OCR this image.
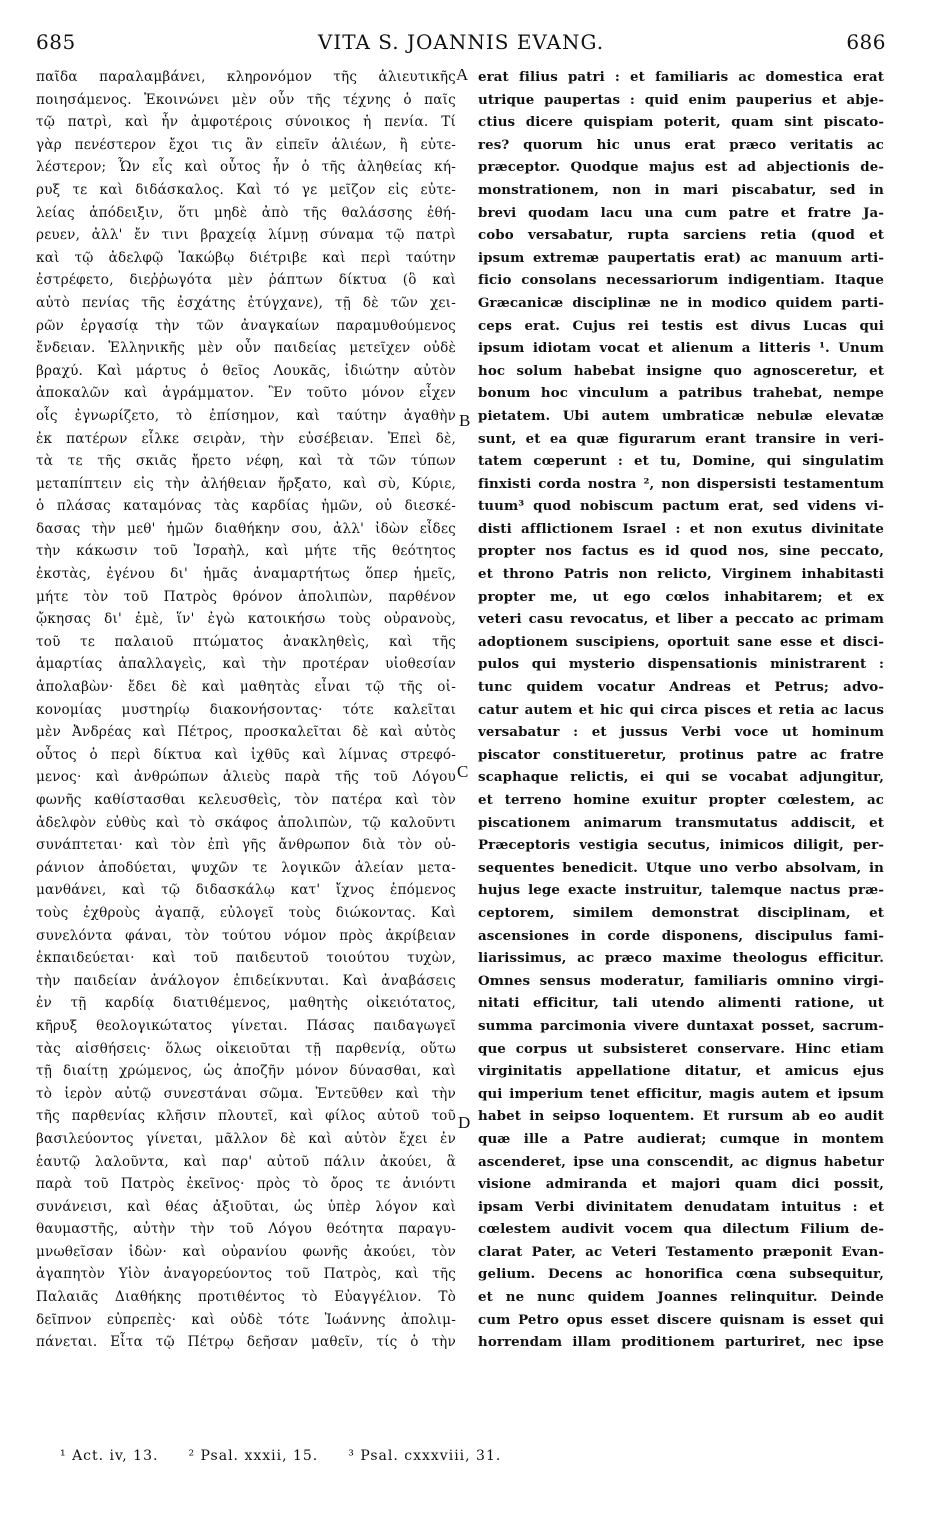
685	VITA S. JOANNIS EVANG.	686
παῖδα παραλαμβάνει, κληρονόμον τῆς ἁλιευτικῆς
ποιησάμενος. Ἐκοινώνει μὲν οὖν τῆς τέχνης ὁ παῖς
τῷ πατρὶ, καὶ ἦν ἀμφοτέροις σύνοικος ἡ πενία. Τί
γὰρ πενέστερον ἔχοι τις ἂν εἰπεῖν ἁλιέων, ἢ εὐτε-
λέστερον; Ὧν εἷς καὶ οὗτος ἦν ὁ τῆς ἀληθείας κή-
ρυξ τε καὶ διδάσκαλος. Καὶ τό γε μεῖζον εἰς εὐτε-
λείας ἀπόδειξιν, ὅτι μηδὲ ἀπὸ τῆς θαλάσσης ἐθή-
ρευεν, ἀλλ' ἔν τινι βραχείᾳ λίμνῃ σύναμα τῷ πατρὶ
καὶ τῷ ἀδελφῷ Ἰακώβῳ διέτριβε καὶ περὶ ταύτην
ἐστρέφετο, διεῤῥωγότα μὲν ῥάπτων δίκτυα (ὃ καὶ
αὐτὸ πενίας τῆς ἐσχάτης ἐτύγχανε), τῇ δὲ τῶν χει-
ρῶν ἐργασίᾳ τὴν τῶν ἀναγκαίων παραμυθούμενος
ἔνδειαν. Ἑλληνικῆς μὲν οὖν παιδείας μετεῖχεν οὐδὲ
βραχύ. Καὶ μάρτυς ὁ θεῖος Λουκᾶς, ἰδιώτην αὐτὸν
ἀποκαλῶν καὶ ἀγράμματον. Ἓν τοῦτο μόνον εἶχεν
οἷς ἐγνωρίζετο, τὸ ἐπίσημον, καὶ ταύτην ἀγαθὴν
ἐκ πατέρων εἷλκε σειρὰν, τὴν εὐσέβειαν. Ἐπεὶ δὲ,
τὰ τε τῆς σκιᾶς ἤρετο νέφη, καὶ τὰ τῶν τύπων
μεταπίπτειν εἰς τὴν ἀλήθειαν ἤρξατο, καὶ σὺ, Κύριε,
ὁ πλάσας καταμόνας τὰς καρδίας ἡμῶν, οὐ διεσκέ-
δασας τὴν μεθ' ἡμῶν διαθήκην σου, ἀλλ' ἰδὼν εἶδες
τὴν κάκωσιν τοῦ Ἰσραὴλ, καὶ μήτε τῆς θεότητος
ἐκστὰς, ἐγένου δι' ἡμᾶς ἀναμαρτήτως ὅπερ ἡμεῖς,
μήτε τὸν τοῦ Πατρὸς θρόνον ἀπολιπὼν, παρθένον
ᾤκησας δι' ἐμὲ, ἵν' ἐγὼ κατοικήσω τοὺς οὐρανοὺς,
τοῦ τε παλαιοῦ πτώματος ἀνακληθεὶς, καὶ τῆς
ἁμαρτίας ἀπαλλαγεὶς, καὶ τὴν προτέραν υἱοθεσίαν
ἀπολαβὼν· ἔδει δὲ καὶ μαθητὰς εἶναι τῷ τῆς οἰ-
κονομίας μυστηρίῳ διακονήσοντας· τότε καλεῖται
μὲν Ἀνδρέας καὶ Πέτρος, προσκαλεῖται δὲ καὶ αὐτὸς
οὗτος ὁ περὶ δίκτυα καὶ ἰχθῦς καὶ λίμνας στρεφό-
μενος· καὶ ἀνθρώπων ἁλιεὺς παρὰ τῆς τοῦ Λόγου
φωνῆς καθίστασθαι κελευσθεὶς, τὸν πατέρα καὶ τὸν
ἀδελφὸν εὐθὺς καὶ τὸ σκάφος ἀπολιπὼν, τῷ καλοῦντι
συνάπτεται· καὶ τὸν ἐπὶ γῆς ἄνθρωπον διὰ τὸν οὐ-
ράνιον ἀποδύεται, ψυχῶν τε λογικῶν ἁλείαν μετα-
μανθάνει, καὶ τῷ διδασκάλῳ κατ' ἴχνος ἑπόμενος
τοὺς ἐχθροὺς ἀγαπᾷ, εὐλογεῖ τοὺς διώκοντας. Καὶ
συνελόντα φάναι, τὸν τούτου νόμον πρὸς ἀκρίβειαν
ἐκπαιδεύεται· καὶ τοῦ παιδευτοῦ τοιούτου τυχὼν,
τὴν παιδείαν ἀνάλογον ἐπιδείκνυται. Καὶ ἀναβάσεις
ἐν τῇ καρδίᾳ διατιθέμενος, μαθητὴς οἰκειότατος,
κῆρυξ θεολογικώτατος γίνεται. Πάσας παιδαγωγεῖ
τὰς αἰσθήσεις· ὅλως οἰκειοῦται τῇ παρθενίᾳ, οὕτω
τῇ διαίτῃ χρώμενος, ὡς ἀποζῆν μόνον δύνασθαι, καὶ
τὸ ἱερὸν αὐτῷ συνεστάναι σῶμα. Ἐντεῦθεν καὶ τὴν
τῆς παρθενίας κλῆσιν πλουτεῖ, καὶ φίλος αὐτοῦ τοῦ
βασιλεύοντος γίνεται, μᾶλλον δὲ καὶ αὐτὸν ἔχει ἐν
ἑαυτῷ λαλοῦντα, καὶ παρ' αὐτοῦ πάλιν ἀκούει, ἃ
παρὰ τοῦ Πατρὸς ἐκεῖνος· πρὸς τὸ ὄρος τε ἀνιόντι
συνάνεισι, καὶ θέας ἀξιοῦται, ὡς ὑπὲρ λόγον καὶ
θαυμαστῆς, αὐτὴν τὴν τοῦ Λόγου θεότητα παραγυ-
μνωθεῖσαν ἰδὼν· καὶ οὐρανίου φωνῆς ἀκούει, τὸν
ἀγαπητὸν Υἱὸν ἀναγορεύοντος τοῦ Πατρὸς, καὶ τῆς
Παλαιᾶς Διαθήκης προτιθέντος τὸ Εὐαγγέλιον. Τὸ
δεῖπνον εὐπρεπὲς· καὶ οὐδὲ τότε Ἰωάννης ἀπολιμ-
πάνεται. Εἶτα τῷ Πέτρῳ δεῆσαν μαθεῖν, τίς ὁ τὴν
erat filius patri : et familiaris ac domestica erat
utrique paupertas : quid enim pauperius et abje-
ctius dicere quispiam poterit, quam sint piscato-
res? quorum hic unus erat præco veritatis ac
præceptor. Quodque majus est ad abjectionis de-
monstrationem, non in mari piscabatur, sed in
brevi quodam lacu una cum patre et fratre Ja-
cobo versabatur, rupta sarciens retia (quod et
ipsum extremæ paupertatis erat) ac manuum arti-
ficio consolans necessariorum indigentiam. Itaque
Græcanicæ disciplinæ ne in modico quidem parti-
ceps erat. Cujus rei testis est divus Lucas qui
ipsum idiotam vocat et alienum a litteris ¹. Unum
hoc solum habebat insigne quo agnosceretur, et
bonum hoc vinculum a patribus trahebat, nempe
pietatem. Ubi autem umbraticæ nebulæ elevatæ
sunt, et ea quæ figurarum erant transire in veri-
tatem cœperunt : et tu, Domine, qui singulatim
finxisti corda nostra ², non dispersisti testamentum
tuum³ quod nobiscum pactum erat, sed videns vi-
disti afflictionem Israel : et non exutus divinitate
propter nos factus es id quod nos, sine peccato,
et throno Patris non relicto, Virginem inhabitasti
propter me, ut ego cœlos inhabitarem; et ex
veteri casu revocatus, et liber a peccato ac primam
adoptionem suscipiens, oportuit sane esse et disci-
pulos qui mysterio dispensationis ministrarent :
tunc quidem vocatur Andreas et Petrus; advo-
catur autem et hic qui circa pisces et retia ac lacus
versabatur : et jussus Verbi voce ut hominum
piscator constitueretur, protinus patre ac fratre
scaphaque relictis, ei qui se vocabat adjungitur,
et terreno homine exuitur propter cœlestem, ac
piscationem animarum transmutatus addiscit, et
Præceptoris vestigia secutus, inimicos diligit, per-
sequentes benedicit. Utque uno verbo absolvam, in
hujus lege exacte instruitur, talemque nactus præ-
ceptorem, similem demonstrat disciplinam, et
ascensiones in corde disponens, discipulus fami-
liarissimus, ac præco maxime theologus efficitur.
Omnes sensus moderatur, familiaris omnino virgi-
nitati efficitur, tali utendo alimenti ratione, ut
summa parcimonia vivere duntaxat posset, sacrum-
que corpus ut subsisteret conservare. Hinc etiam
virginitatis appellatione ditatur, et amicus ejus
qui imperium tenet efficitur, magis autem et ipsum
habet in seipso loquentem. Et rursum ab eo audit
quæ ille a Patre audierat; cumque in montem
ascenderet, ipse una conscendit, ac dignus habetur
visione admiranda et majori quam dici possit,
ipsam Verbi divinitatem denudatam intuitus : et
cœlestem audivit vocem qua dilectum Filium de-
clarat Pater, ac Veteri Testamento præponit Evan-
gelium. Decens ac honorifica cœna subsequitur,
et ne nunc quidem Joannes relinquitur. Deinde
cum Petro opus esset discere quisnam is esset qui
horrendam illam proditionem parturiret, nec ipse
A
B
C
D
¹ Act. iv, 13. ² Psal. xxxii, 15. ³ Psal. cxxxviii, 31.
